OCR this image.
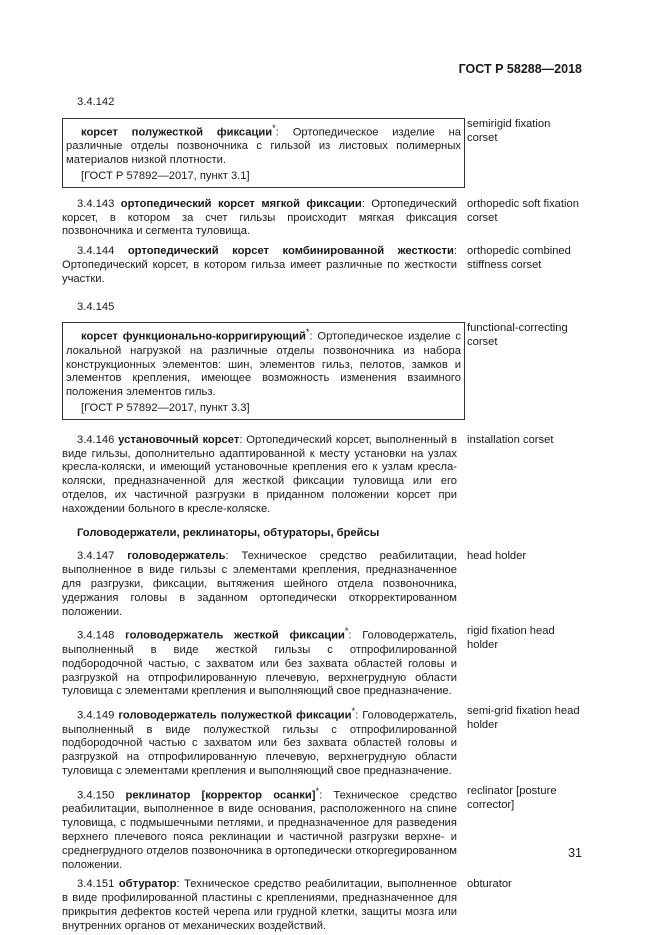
ГОСТ Р 58288—2018
3.4.142

корсет полужесткой фиксации*: Ортопедическое изделие на различные отделы позвоночника с гильзой из листовых полимерных материалов низкой плотности.

[ГОСТ Р 57892—2017, пункт 3.1]
semirigid fixation corset

3.4.143 ортопедический корсет мягкой фиксации: Ортопедический корсет, в котором за счет гильзы происходит мягкая фиксация позвоночника и сегмента туловища.

orthopedic soft fixation corset

3.4.144 ортопедический корсет комбинированной жесткости: Ортопедический корсет, в котором гильза имеет различные по жесткости участки.

orthopedic combined stiffness corset
3.4.145

корсет функционально-корригирующий*: Ортопедическое изделие с локальной нагрузкой на различные отделы позвоночника из набора конструкционных элементов: шин, элементов гильз, пелотов, замков и элементов крепления, имеющее возможность изменения взаимного положения элементов гильз.

[ГОСТ Р 57892—2017, пункт 3.3]
functional-correcting corset

3.4.146 установочный корсет: Ортопедический корсет, выполненный в виде гильзы, дополнительно адаптированной к месту установки на узлах кресла-коляски, и имеющий установочные крепления его к узлам кресла-коляски, предназначенной для жесткой фиксации туловища или его отделов, их частичной разгрузки в приданном положении корсет при нахождении больного в кресле-коляске.

installation corset
Головодержатели, реклинаторы, обтураторы, брейсы

3.4.147 головодержатель: Техническое средство реабилитации, выполненное в виде гильзы с элементами крепления, предназначенное для разгрузки, фиксации, вытяжения шейного отдела позвоночника, удержания головы в заданном ортопедически откорректированном положении.

head holder

3.4.148 головодержатель жесткой фиксации*: Головодержатель, выполненный в виде жесткой гильзы с отпрофилированной подбородочной частью, с захватом или без захвата областей головы и разгрузкой на отпрофилированную плечевую, верхнегрудную области туловища с элементами крепления и выполняющий свое предназначение.

rigid fixation head holder

3.4.149 головодержатель полужесткой фиксации*: Головодержатель, выполненный в виде полужесткой гильзы с отпрофилированной подбородочной частью с захватом или без захвата областей головы и разгрузкой на отпрофилированную плечевую, верхнегрудную области туловища с элементами крепления и выполняющий свое предназначение.

semi-grid fixation head holder

3.4.150 реклинатор [корректор осанки]*: Техническое средство реабилитации, выполненное в виде основания, расположенного на спине туловища, с подмышечными петлями, и предназначенное для разведения верхнего плечевого пояса реклинации и частичной разгрузки верхне- и среднегрудного отделов позвоночника в ортопедически откорregированном положении.

reclinator [posture corrector]

3.4.151 обтуратор: Техническое средство реабилитации, выполненное в виде профилированной пластины с креплениями, предназначенное для прикрытия дефектов костей черепа или грудной клетки, защиты мозга или внутренних органов от механических воздействий.

obturator
31
